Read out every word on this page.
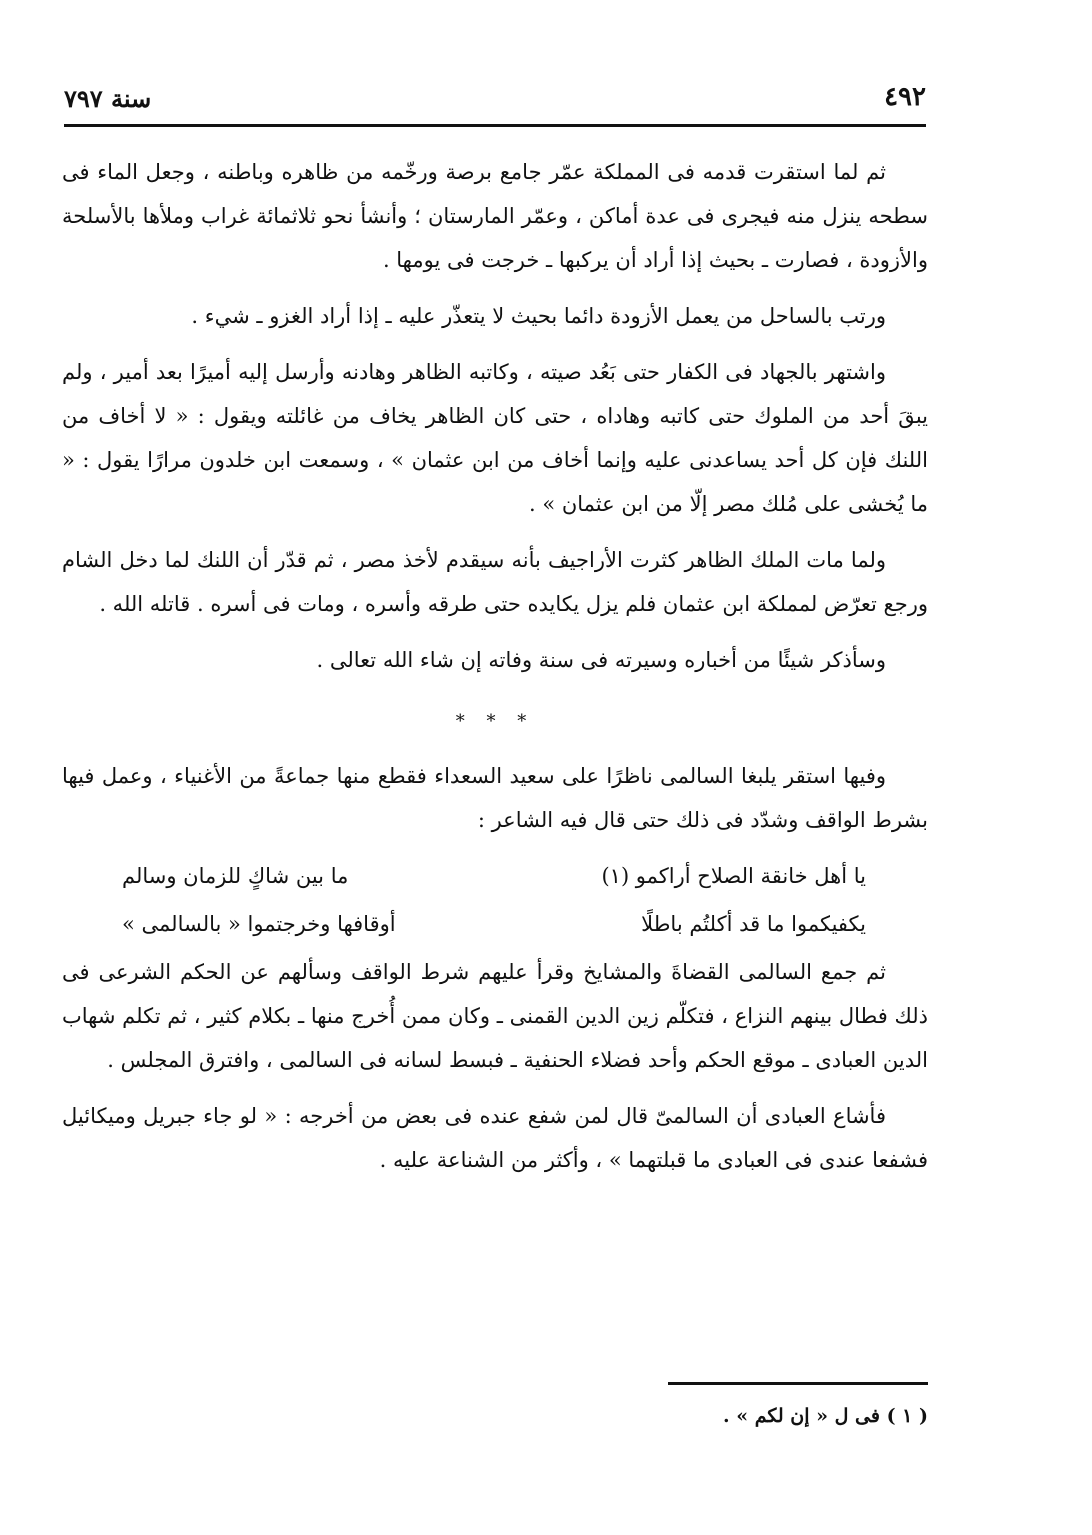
٤٩٢
سنة ٧٩٧

ثم لما استقرت قدمه فى المملكة عمّر جامع برصة ورخّمه من ظاهره وباطنه ، وجعل الماء فى سطحه ينزل منه فيجرى فى عدة أماكن ، وعمّر المارستان ؛ وأنشأ نحو ثلاثمائة غراب وملأها بالأسلحة والأزودة ، فصارت ـ بحيث إذا أراد أن يركبها ـ خرجت فى يومها .

ورتب بالساحل من يعمل الأزودة دائما بحيث لا يتعذّر عليه ـ إذا أراد الغزو ـ شيء .

واشتهر بالجهاد فى الكفار حتى بَعُد صيته ، وكاتبه الظاهر وهادنه وأرسل إليه أميرًا بعد أمير ، ولم يبقَ أحد من الملوك حتى كاتبه وهاداه ، حتى كان الظاهر يخاف من غائلته ويقول : « لا أخاف من اللنك فإن كل أحد يساعدنى عليه وإنما أخاف من ابن عثمان » ، وسمعت ابن خلدون مرارًا يقول : « ما يُخشى على مُلك مصر إلّا من ابن عثمان » .

ولما مات الملك الظاهر كثرت الأراجيف بأنه سيقدم لأخذ مصر ، ثم قدّر أن اللنك لما دخل الشام ورجع تعرّض لمملكة ابن عثمان فلم يزل يكايده حتى طرقه وأسره ، ومات فى أسره . قاتله الله .

وسأذكر شيئًا من أخباره وسيرته فى سنة وفاته إن شاء الله تعالى .

* * *

وفيها استقر يلبغا السالمى ناظرًا على سعيد السعداء فقطع منها جماعةً من الأغنياء ، وعمل فيها بشرط الواقف وشدّد فى ذلك حتى قال فيه الشاعر :

يا أهل خانقة الصلاح أراكمو (١)
ما بين شاكٍ للزمان وسالم
يكفيكموا ما قد أكلتُم باطلًا
أوقافها وخرجتموا « بالسالمى »

ثم جمع السالمى القضاةَ والمشايخ وقرأ عليهم شرط الواقف وسألهم عن الحكم الشرعى فى ذلك فطال بينهم النزاع ، فتكلّم زين الدين القمنى ـ وكان ممن أُخرج منها ـ بكلام كثير ، ثم تكلم شهاب الدين العبادى ـ موقع الحكم وأحد فضلاء الحنفية ـ فبسط لسانه فى السالمى ، وافترق المجلس .

فأشاع العبادى أن السالمىّ قال لمن شفع عنده فى بعض من أخرجه : « لو جاء جبريل وميكائيل فشفعا عندى فى العبادى ما قبلتهما » ، وأكثر من الشناعة عليه .

( ١ ) فى ل « إن لكم » .
